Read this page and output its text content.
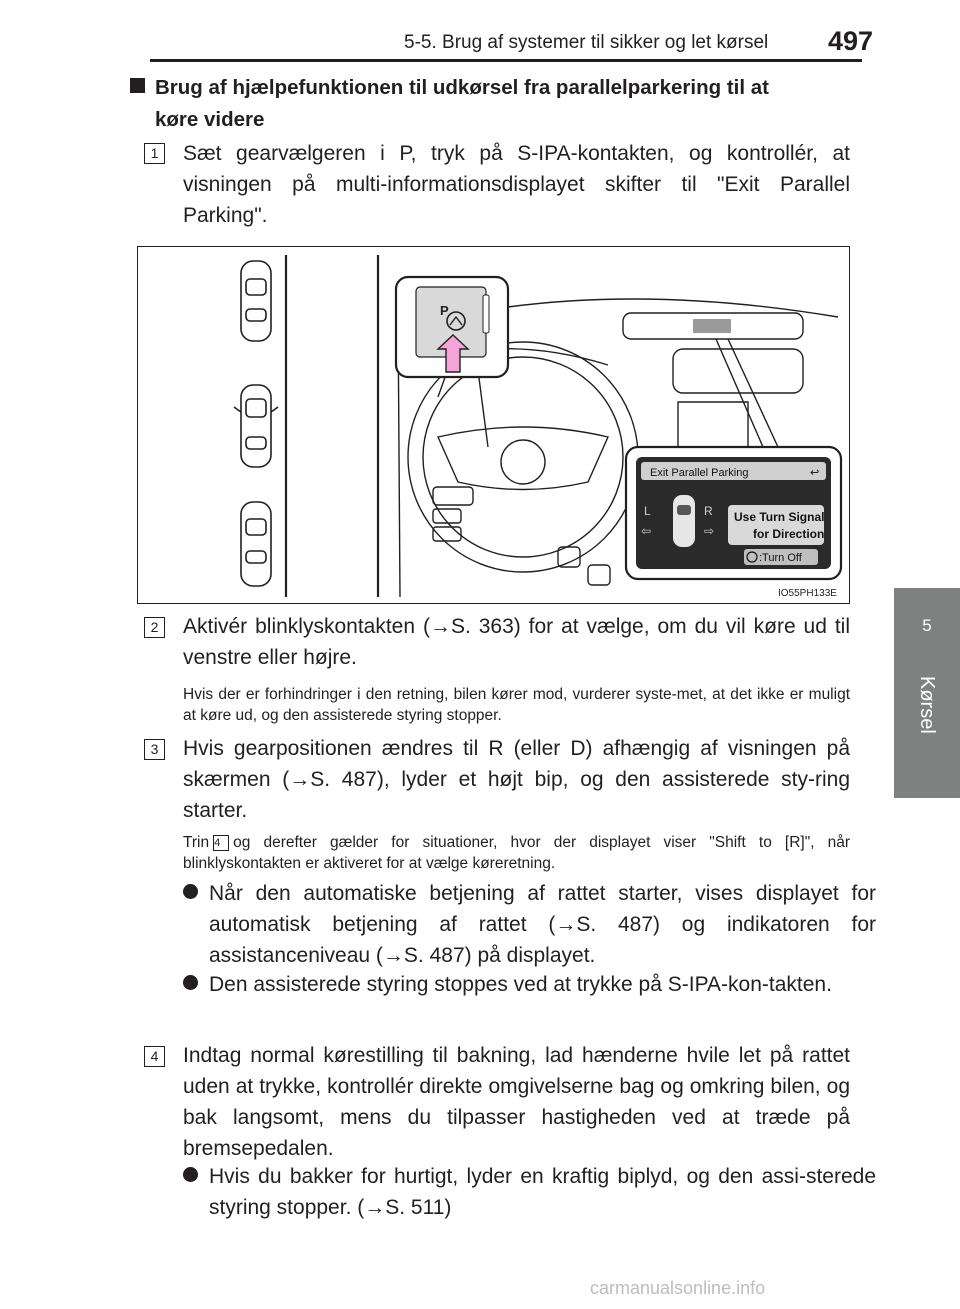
5-5. Brug af systemer til sikker og let kørsel 497
5
Kørsel
Brug af hjælpefunktionen til udkørsel fra parallelparkering til at
køre videre
1	Sæt gearvælgeren i P, tryk på S-IPA-kontakten, og kontrollér, at visningen på multi-informationsdisplayet skifter til "Exit Parallel Parking".
P
Exit Parallel Parking	↩
L	R
⇦	⇨
Use Turn Signal
for Direction
:Turn Off
IO55PH133E
2	Aktivér blinklyskontakten (→S. 363) for at vælge, om du vil køre ud til venstre eller højre.
Hvis der er forhindringer i den retning, bilen kører mod, vurderer syste-met, at det ikke er muligt at køre ud, og den assisterede styring stopper.
3	Hvis gearpositionen ændres til R (eller D) afhængig af visningen på skærmen (→S. 487), lyder et højt bip, og den assisterede sty-ring starter.
Trin 4 og derefter gælder for situationer, hvor der displayet viser "Shift to [R]", når blinklyskontakten er aktiveret for at vælge køreretning.
Når den automatiske betjening af rattet starter, vises displayet for automatisk betjening af rattet (→S. 487) og indikatoren for assistanceniveau (→S. 487) på displayet.
Den assisterede styring stoppes ved at trykke på S-IPA-kon-takten.
4	Indtag normal kørestilling til bakning, lad hænderne hvile let på rattet uden at trykke, kontrollér direkte omgivelserne bag og omkring bilen, og bak langsomt, mens du tilpasser hastigheden ved at træde på bremsepedalen.
Hvis du bakker for hurtigt, lyder en kraftig biplyd, og den assi-sterede styring stopper. (→S. 511)
carmanualsonline.info
